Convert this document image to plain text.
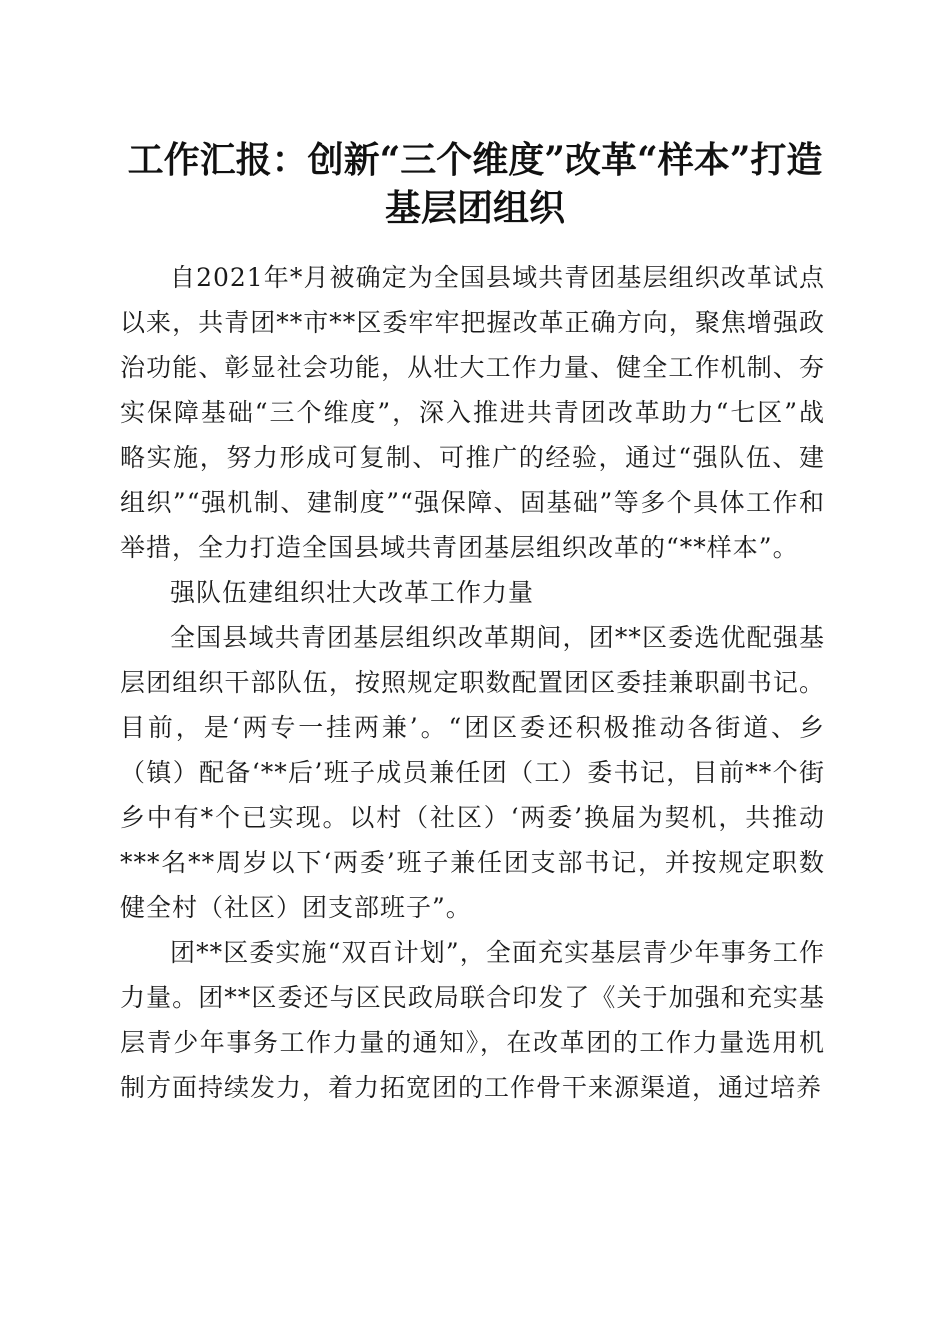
工作汇报：创新“三个维度”改革“样本”打造基层团组织

自2021年*月被确定为全国县域共青团基层组织改革试点以来，共青团**市**区委牢牢把握改革正确方向，聚焦增强政治功能、彰显社会功能，从壮大工作力量、健全工作机制、夯实保障基础“三个维度”，深入推进共青团改革助力“七区”战略实施，努力形成可复制、可推广的经验，通过“强队伍、建组织”“强机制、建制度”“强保障、固基础”等多个具体工作和举措，全力打造全国县域共青团基层组织改革的“**样本”。

强队伍建组织壮大改革工作力量

全国县域共青团基层组织改革期间，团**区委选优配强基层团组织干部队伍，按照规定职数配置团区委挂兼职副书记。目前，是‘两专一挂两兼’。“团区委还积极推动各街道、乡（镇）配备‘**后’班子成员兼任团（工）委书记，目前**个街乡中有*个已实现。以村（社区）‘两委’换届为契机，共推动***名**周岁以下‘两委’班子兼任团支部书记，并按规定职数健全村（社区）团支部班子”。

团**区委实施“双百计划”，全面充实基层青少年事务工作力量。团**区委还与区民政局联合印发了《关于加强和充实基层青少年事务工作力量的通知》，在改革团的工作力量选用机制方面持续发力，着力拓宽团的工作骨干来源渠道，通过培养
